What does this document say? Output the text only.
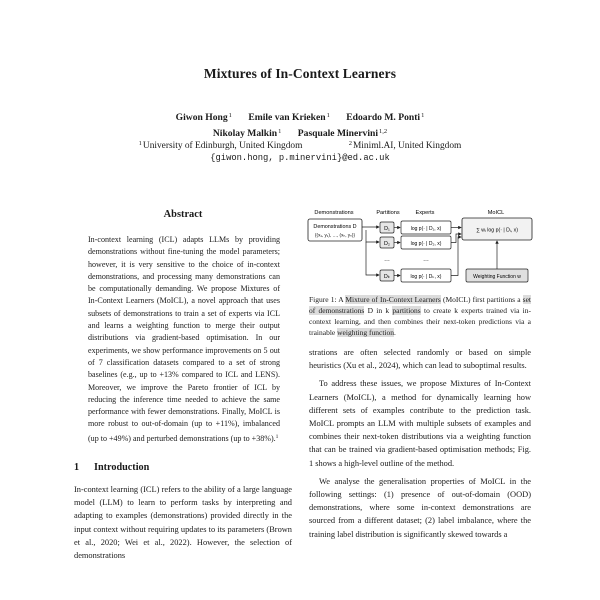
Mixtures of In-Context Learners
Giwon Hong$^1$ Emile van Krieken$^1$ Edoardo M. Ponti$^1$
Nikolay Malkin$^1$ Pasquale Minervini$^{1,2}$
$^1$University of Edinburgh, United Kingdom	$^2$Miniml.AI, United Kingdom
{giwon.hong, p.minervini}@ed.ac.uk
Abstract

In-context learning (ICL) adapts LLMs by providing demonstrations without fine-tuning the model parameters; however, it is very sensitive to the choice of in-context demonstrations, and processing many demonstrations can be computationally demanding. We propose Mixtures of In-Context Learners (MoICL), a novel approach that uses subsets of demonstrations to train a set of experts via ICL and learns a weighting function to merge their output distributions via gradient-based optimisation. In our experiments, we show performance improvements on 5 out of 7 classification datasets compared to a set of strong baselines (e.g., up to +13% compared to ICL and LENS). Moreover, we improve the Pareto frontier of ICL by reducing the inference time needed to achieve the same performance with fewer demonstrations. Finally, MoICL is more robust to out-of-domain (up to +11%), imbalanced (up to +49%) and perturbed demonstrations (up to +38%).$^1$

1 Introduction

In-context learning (ICL) refers to the ability of a large language model (LLM) to learn to perform tasks by interpreting and adapting to examples (demonstrations) provided directly in the input context without requiring updates to its parameters (Brown et al., 2020; Wei et al., 2022). However, the selection of demonstrations

Demonstrations	Partitions	Experts	MoICL
Demonstrations D
{(x₁, y₁), …, (xₙ, yₙ)}
D₁
D₂
…
Dₖ
log p(· | D₁, x)
log p(· | D₂, x)
…
log p(· | Dₖ, x)
∑ wᵢ log p(· | Dᵢ, x)
Weighting Function w

Figure 1: A Mixture of In-Context Learners (MoICL) first partitions a set of demonstrations D in k partitions to create k experts trained via in-context learning, and then combines their next-token predictions via a trainable weighting function.

strations are often selected randomly or based on simple heuristics (Xu et al., 2024), which can lead to suboptimal results.

To address these issues, we propose Mixtures of In-Context Learners (MoICL), a method for dynamically learning how different sets of examples contribute to the prediction task. MoICL prompts an LLM with multiple subsets of examples and combines their next-token distributions via a weighting function that can be trained via gradient-based optimisation methods; Fig. 1 shows a high-level outline of the method.

We analyse the generalisation properties of MoICL in the following settings: (1) presence of out-of-domain (OOD) demonstrations, where some in-context demonstrations are sourced from a different dataset; (2) label imbalance, where the training label distribution is significantly skewed towards a
